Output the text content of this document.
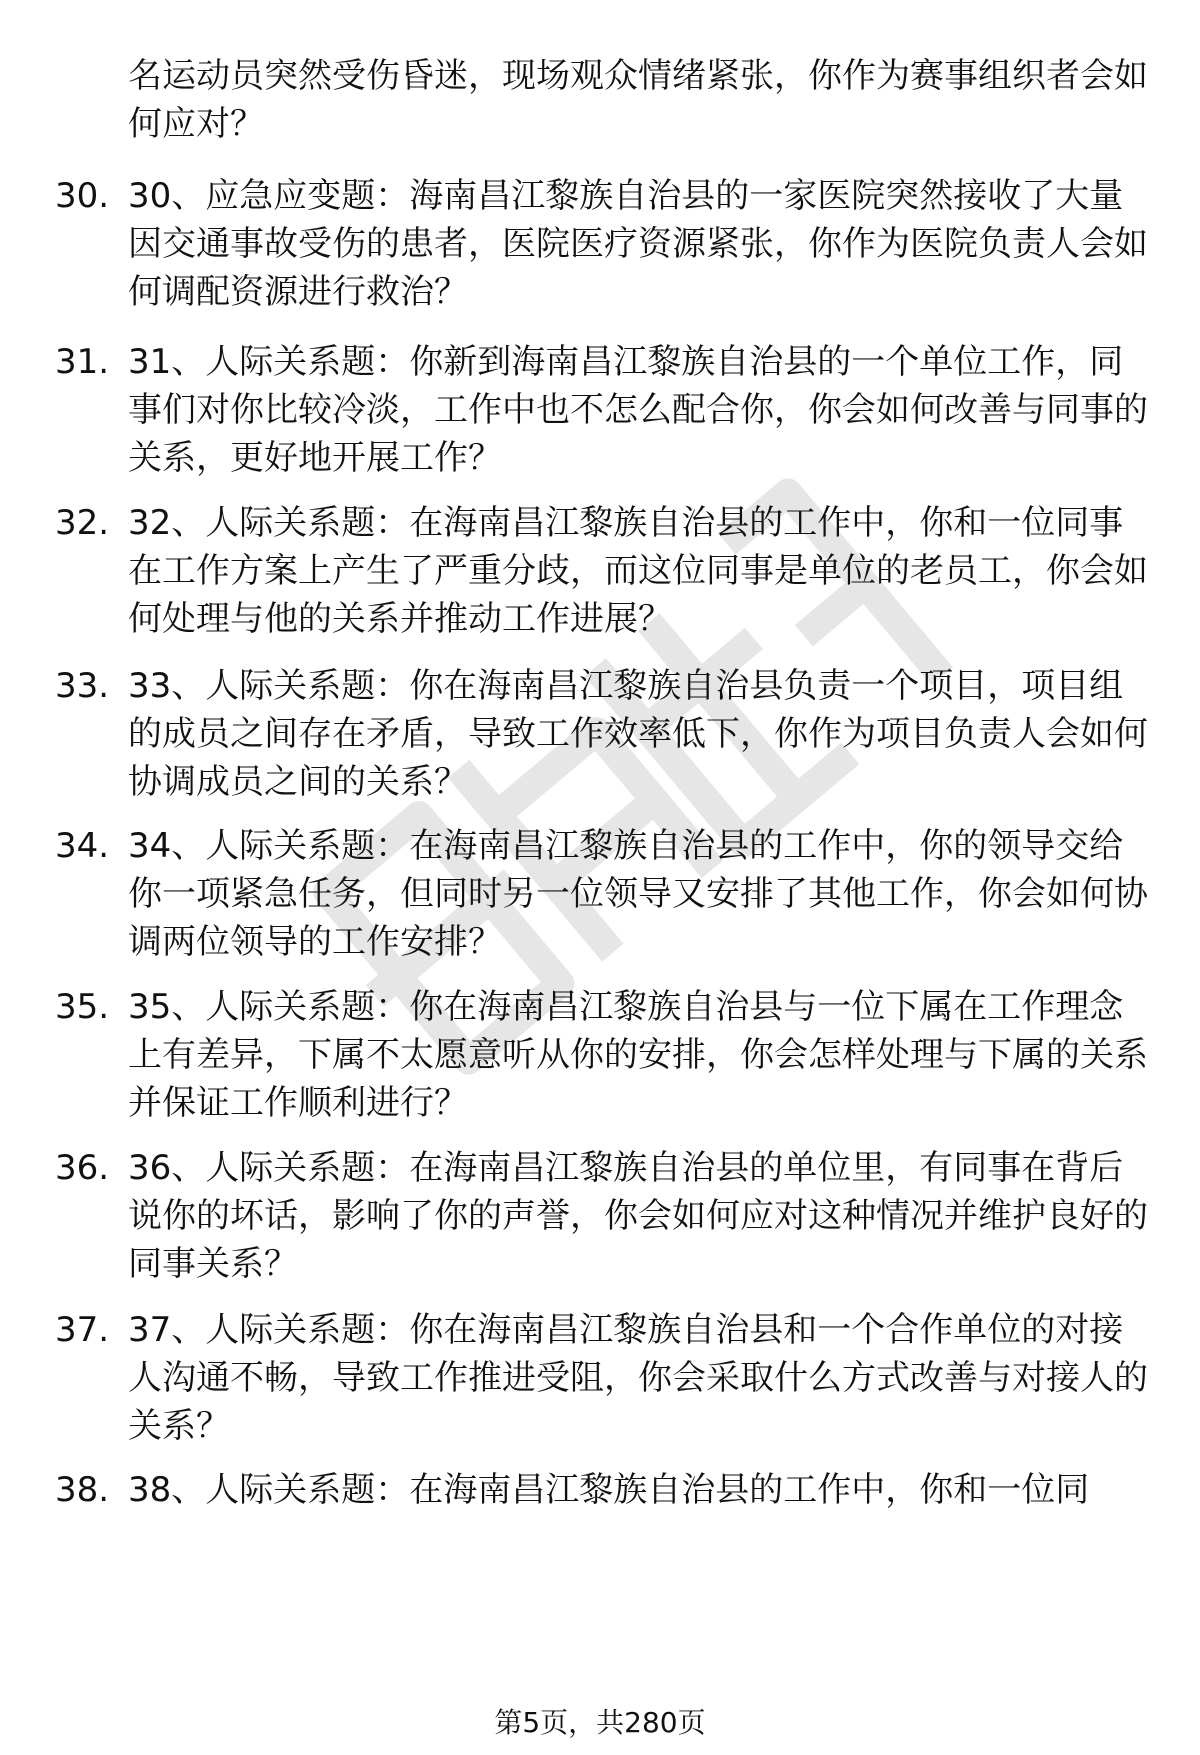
名运动员突然受伤昏迷，现场观众情绪紧张，你作为赛事组织者会如何应对？

30. 30、应急应变题：海南昌江黎族自治县的一家医院突然接收了大量因交通事故受伤的患者，医院医疗资源紧张，你作为医院负责人会如何调配资源进行救治？

31. 31、人际关系题：你新到海南昌江黎族自治县的一个单位工作，同事们对你比较冷淡，工作中也不怎么配合你，你会如何改善与同事的关系，更好地开展工作？

32. 32、人际关系题：在海南昌江黎族自治县的工作中，你和一位同事在工作方案上产生了严重分歧，而这位同事是单位的老员工，你会如何处理与他的关系并推动工作进展？

33. 33、人际关系题：你在海南昌江黎族自治县负责一个项目，项目组的成员之间存在矛盾，导致工作效率低下，你作为项目负责人会如何协调成员之间的关系？

34. 34、人际关系题：在海南昌江黎族自治县的工作中，你的领导交给你一项紧急任务，但同时另一位领导又安排了其他工作，你会如何协调两位领导的工作安排？

35. 35、人际关系题：你在海南昌江黎族自治县与一位下属在工作理念上有差异，下属不太愿意听从你的安排，你会怎样处理与下属的关系并保证工作顺利进行？

36. 36、人际关系题：在海南昌江黎族自治县的单位里，有同事在背后说你的坏话，影响了你的声誉，你会如何应对这种情况并维护良好的同事关系？

37. 37、人际关系题：你在海南昌江黎族自治县和一个合作单位的对接人沟通不畅，导致工作推进受阻，你会采取什么方式改善与对接人的关系？

38. 38、人际关系题：在海南昌江黎族自治县的工作中，你和一位同

第5页，共280页
